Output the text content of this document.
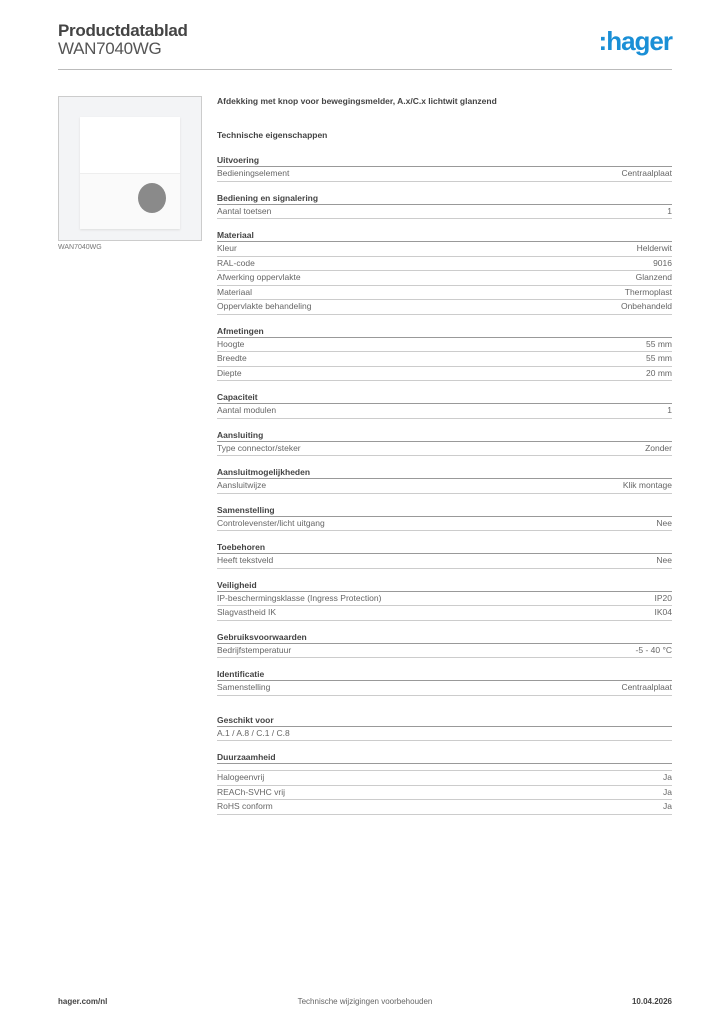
Productdatablad
WAN7040WG	:hager
WAN7040WG
Afdekking met knop voor bewegingsmelder, A.x/C.x lichtwit glanzend
Technische eigenschappen
Uitvoering
Bedieningselement	Centraalplaat
Bediening en signalering
Aantal toetsen	1
Materiaal
Kleur	Helderwit
RAL-code	9016
Afwerking oppervlakte	Glanzend
Materiaal	Thermoplast
Oppervlakte behandeling	Onbehandeld
Afmetingen
Hoogte	55 mm
Breedte	55 mm
Diepte	20 mm
Capaciteit
Aantal modulen	1
Aansluiting
Type connector/steker	Zonder
Aansluitmogelijkheden
Aansluitwijze	Klik montage
Samenstelling
Controlevenster/licht uitgang	Nee
Toebehoren
Heeft tekstveld	Nee
Veiligheid
IP-beschermingsklasse (Ingress Protection)	IP20
Slagvastheid IK	IK04
Gebruiksvoorwaarden
Bedrijfstemperatuur	-5 - 40 °C
Identificatie
Samenstelling	Centraalplaat
Geschikt voor
A.1 / A.8 / C.1 / C.8
Duurzaamheid
Halogeenvrij	Ja
REACh-SVHC vrij	Ja
RoHS conform	Ja
hager.com/nl	Technische wijzigingen voorbehouden	10.04.2026
